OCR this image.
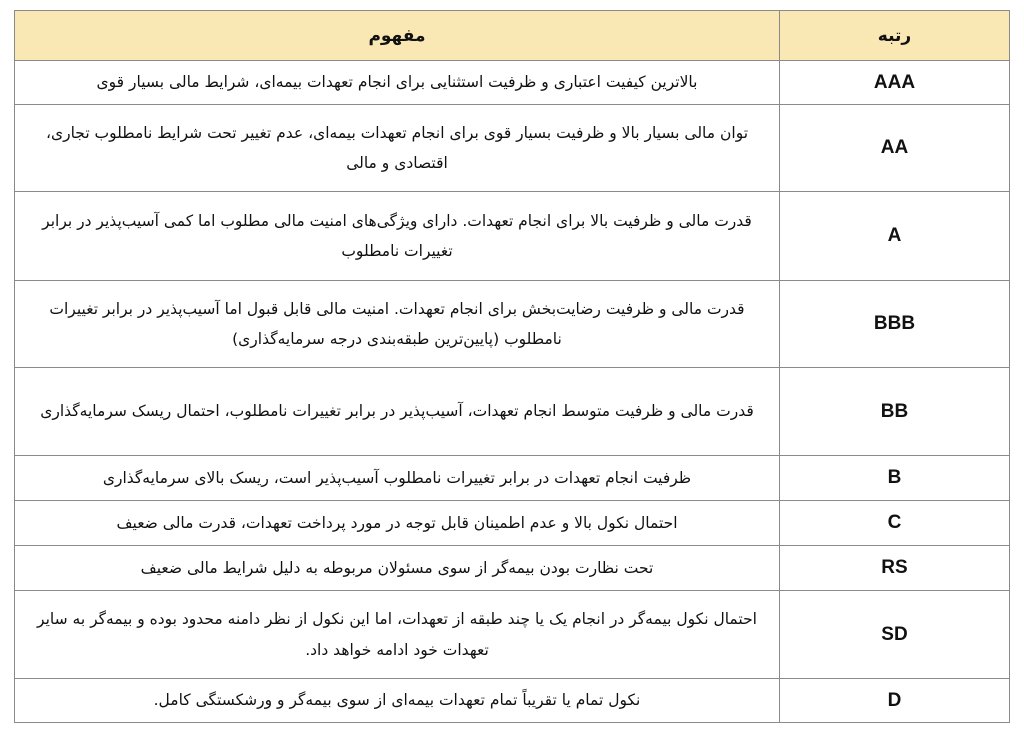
رتبه	مفهوم
AAA	بالاترین کیفیت اعتباری و ظرفیت استثنایی برای انجام تعهدات بیمه‌ای، شرایط مالی بسیار قوی
AA	توان مالی بسیار بالا و ظرفیت بسیار قوی برای انجام تعهدات بیمه‌ای، عدم تغییر تحت شرایط نامطلوب تجاری، اقتصادی و مالی
A	قدرت مالی و ظرفیت بالا برای انجام تعهدات. دارای ویژگی‌های امنیت مالی مطلوب اما کمی آسیب‌پذیر در برابر تغییرات نامطلوب
BBB	قدرت مالی و ظرفیت رضایت‌بخش برای انجام تعهدات. امنیت مالی قابل قبول اما آسیب‌پذیر در برابر تغییرات نامطلوب (پایین‌ترین طبقه‌بندی درجه سرمایه‌گذاری)
BB	قدرت مالی و ظرفیت متوسط انجام تعهدات، آسیب‌پذیر در برابر تغییرات نامطلوب، احتمال ریسک سرمایه‌گذاری
B	ظرفیت انجام تعهدات در برابر تغییرات نامطلوب آسیب‌پذیر است، ریسک بالای سرمایه‌گذاری
C	احتمال نکول بالا و عدم اطمینان قابل توجه در مورد پرداخت تعهدات، قدرت مالی ضعیف
RS	تحت نظارت بودن بیمه‌گر از سوی مسئولان مربوطه به دلیل شرایط مالی ضعیف
SD	احتمال نکول بیمه‌گر در انجام یک یا چند طبقه از تعهدات، اما این نکول از نظر دامنه محدود بوده و بیمه‌گر به سایر تعهدات خود ادامه خواهد داد.
D	نکول تمام یا تقریباً تمام تعهدات بیمه‌ای از سوی بیمه‌گر و ورشکستگی کامل.
